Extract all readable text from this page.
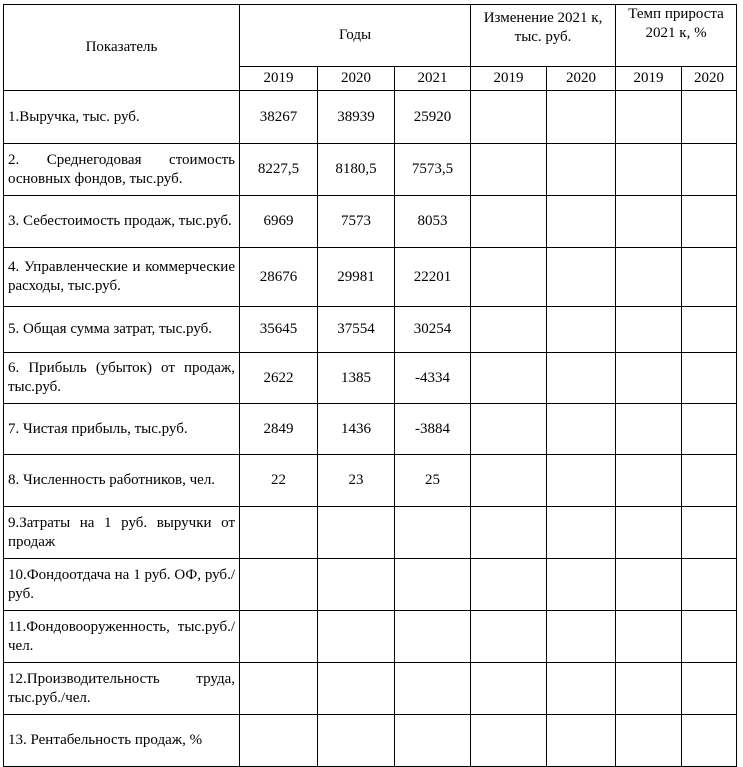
Показатель	Годы			Изменение 2021 к, тыс. руб.		Темп прироста 2021 к, %	
	2019	2020	2021	2019	2020	2019	2020
1.Выручка, тыс. руб.	38267	38939	25920				
2. Среднегодовая стоимость основных фондов, тыс.руб.	8227,5	8180,5	7573,5				
3. Себестоимость продаж, тыс.руб.	6969	7573	8053				
4. Управленческие и коммерческие расходы, тыс.руб.	28676	29981	22201				
5. Общая сумма затрат, тыс.руб.	35645	37554	30254				
6. Прибыль (убыток) от продаж, тыс.руб.	2622	1385	-4334				
7. Чистая прибыль, тыс.руб.	2849	1436	-3884				
8. Численность работников, чел.	22	23	25				
9.Затраты на 1 руб. выручки от продаж							
10.Фондоотдача на 1 руб. ОФ, руб./руб.							
11.Фондовооруженность, тыс.руб./чел.							
12.Производительность труда, тыс.руб./чел.							
13. Рентабельность продаж, %							
